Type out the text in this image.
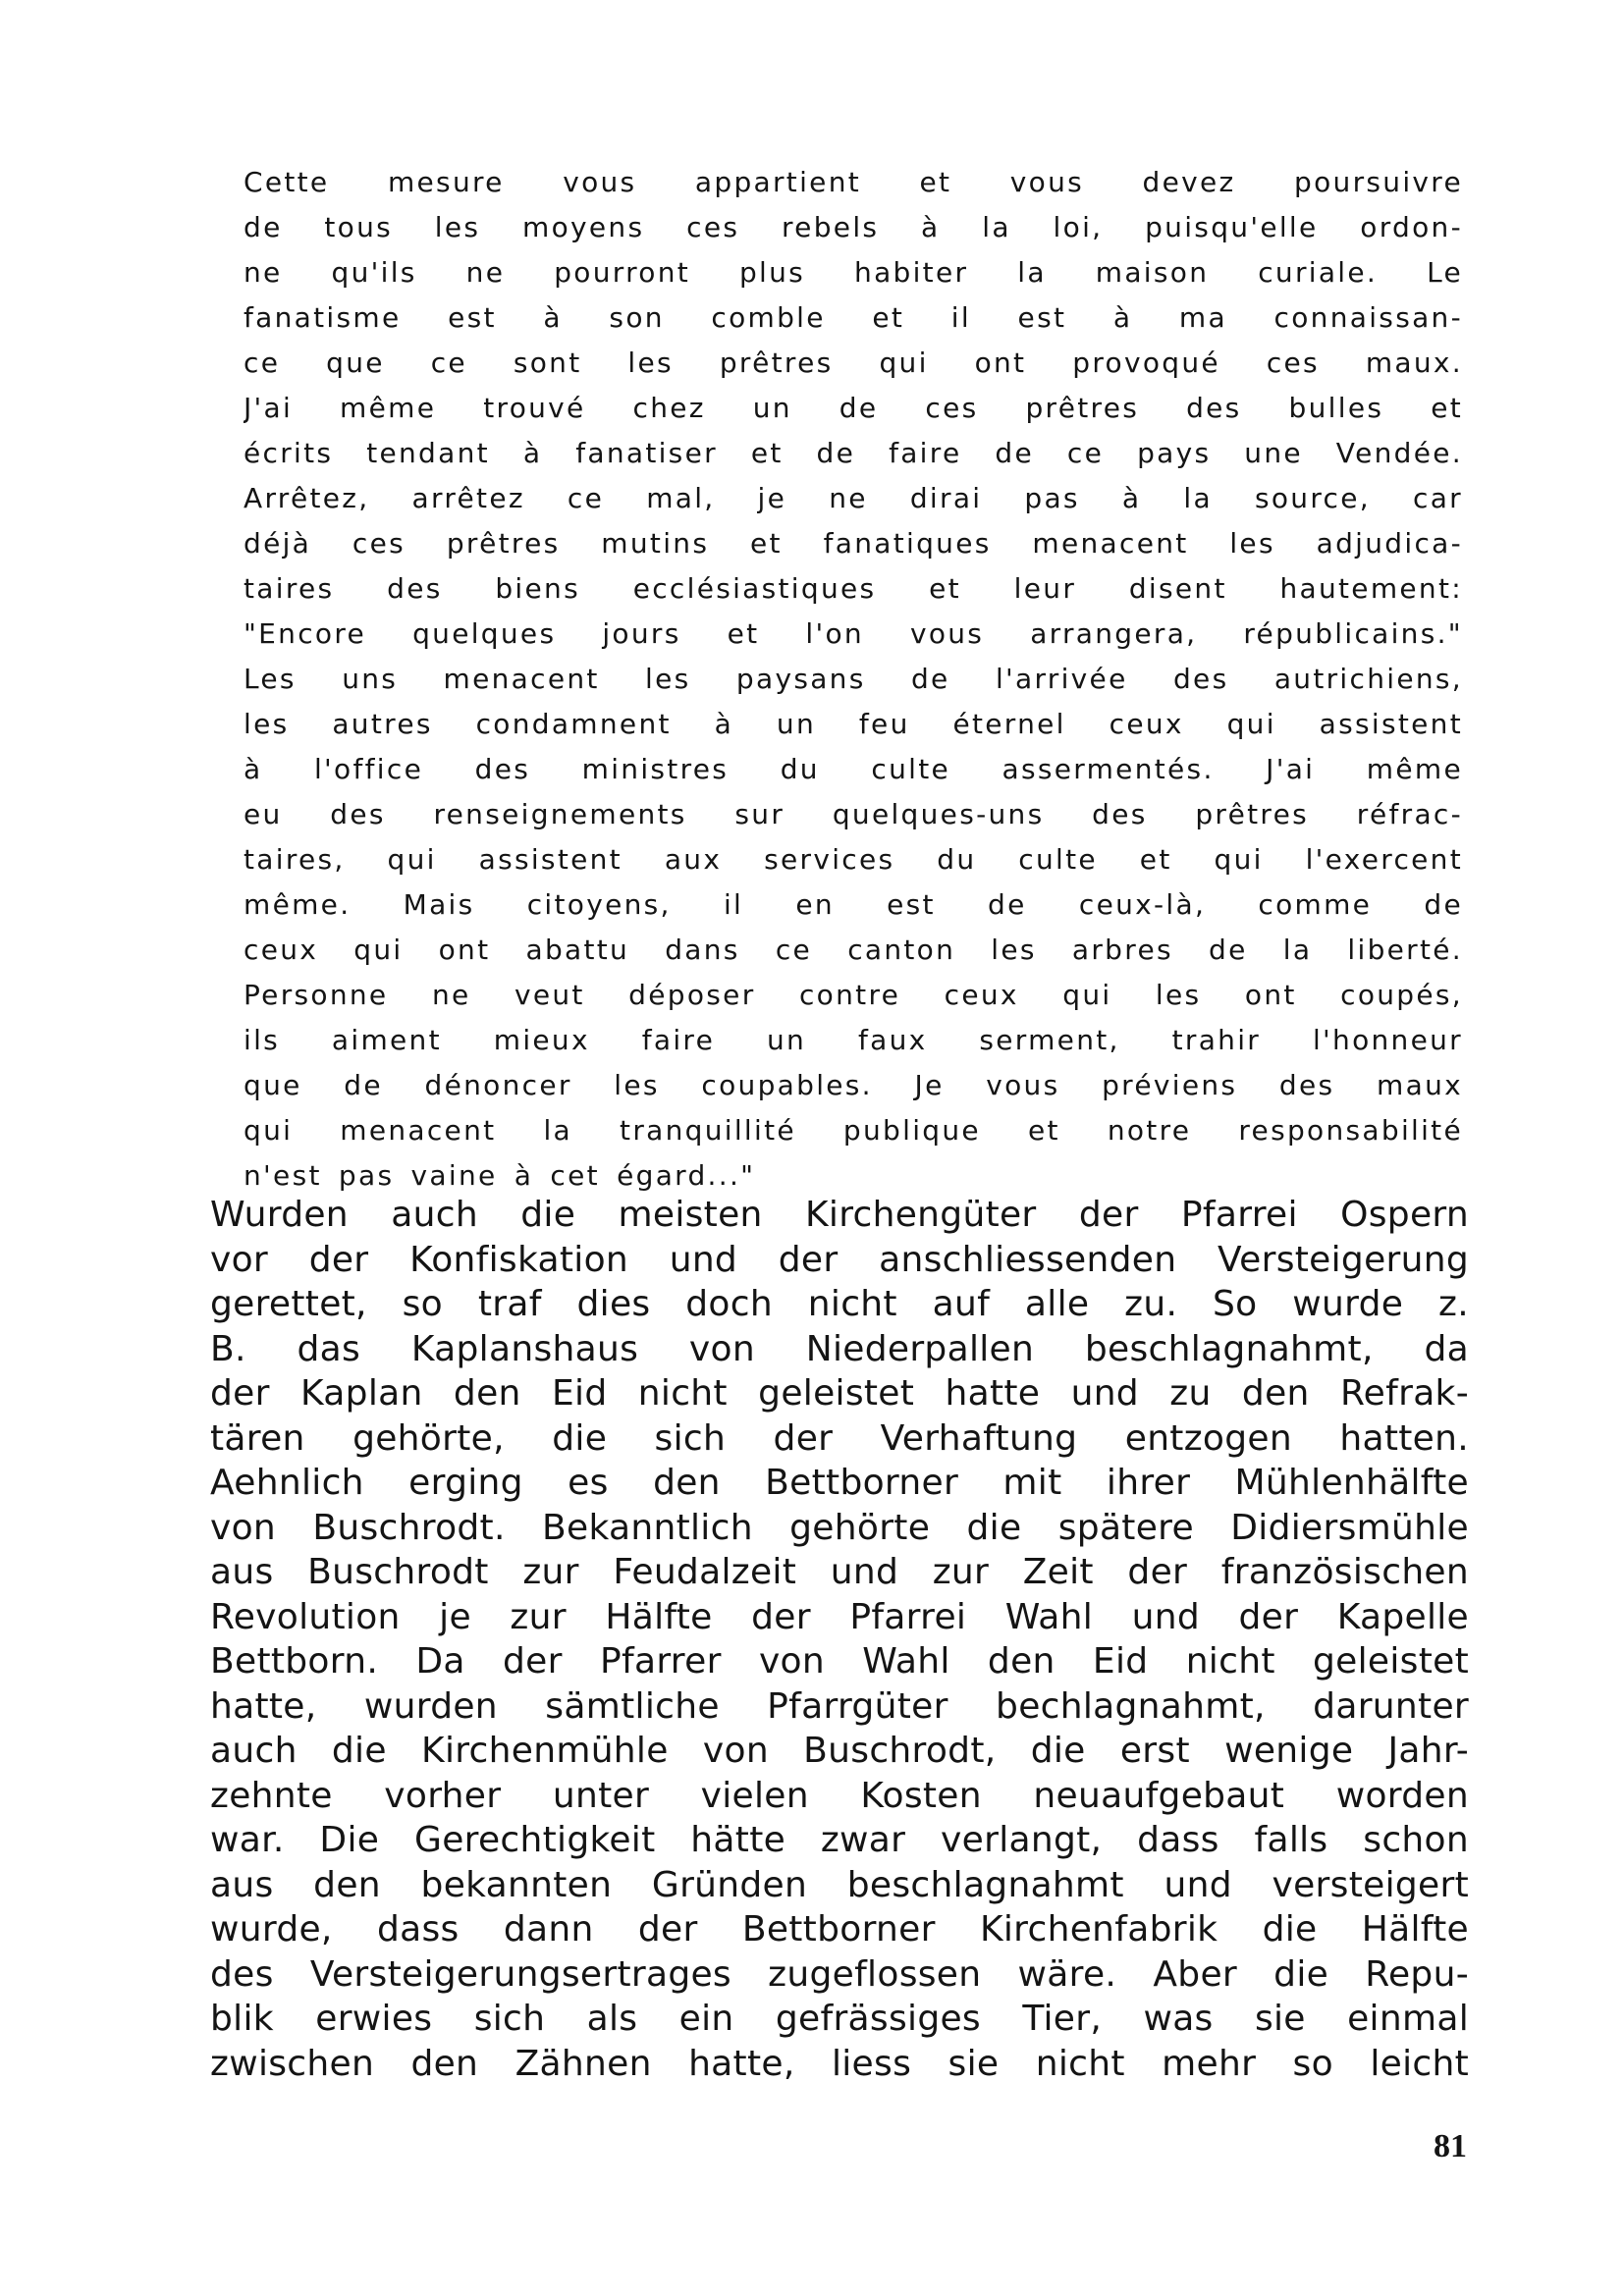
Cette mesure vous appartient et vous devez poursuivre
de tous les moyens ces rebels à la loi, puisqu'elle ordon-
ne qu'ils ne pourront plus habiter la maison curiale. Le
fanatisme est à son comble et il est à ma connaissan-
ce que ce sont les prêtres qui ont provoqué ces maux.
J'ai même trouvé chez un de ces prêtres des bulles et
écrits tendant à fanatiser et de faire de ce pays une Vendée.
Arrêtez, arrêtez ce mal, je ne dirai pas à la source, car
déjà ces prêtres mutins et fanatiques menacent les adjudica-
taires des biens ecclésiastiques et leur disent hautement:
"Encore quelques jours et l'on vous arrangera, républicains."
Les uns menacent les paysans de l'arrivée des autrichiens,
les autres condamnent à un feu éternel ceux qui assistent
à l'office des ministres du culte assermentés. J'ai même
eu des renseignements sur quelques-uns des prêtres réfrac-
taires, qui assistent aux services du culte et qui l'exercent
même. Mais citoyens, il en est de ceux-là, comme de
ceux qui ont abattu dans ce canton les arbres de la liberté.
Personne ne veut déposer contre ceux qui les ont coupés,
ils aiment mieux faire un faux serment, trahir l'honneur
que de dénoncer les coupables. Je vous préviens des maux
qui menacent la tranquillité publique et notre responsabilité
n'est pas vaine à cet égard..."
Wurden auch die meisten Kirchengüter der Pfarrei Ospern
vor der Konfiskation und der anschliessenden Versteigerung
gerettet, so traf dies doch nicht auf alle zu. So wurde z.
B. das Kaplanshaus von Niederpallen beschlagnahmt, da
der Kaplan den Eid nicht geleistet hatte und zu den Refrak-
tären gehörte, die sich der Verhaftung entzogen hatten.
Aehnlich erging es den Bettborner mit ihrer Mühlenhälfte
von Buschrodt. Bekanntlich gehörte die spätere Didiersmühle
aus Buschrodt zur Feudalzeit und zur Zeit der französischen
Revolution je zur Hälfte der Pfarrei Wahl und der Kapelle
Bettborn. Da der Pfarrer von Wahl den Eid nicht geleistet
hatte, wurden sämtliche Pfarrgüter bechlagnahmt, darunter
auch die Kirchenmühle von Buschrodt, die erst wenige Jahr-
zehnte vorher unter vielen Kosten neuaufgebaut worden
war. Die Gerechtigkeit hätte zwar verlangt, dass falls schon
aus den bekannten Gründen beschlagnahmt und versteigert
wurde, dass dann der Bettborner Kirchenfabrik die Hälfte
des Versteigerungsertrages zugeflossen wäre. Aber die Repu-
blik erwies sich als ein gefrässiges Tier, was sie einmal
zwischen den Zähnen hatte, liess sie nicht mehr so leicht
81
